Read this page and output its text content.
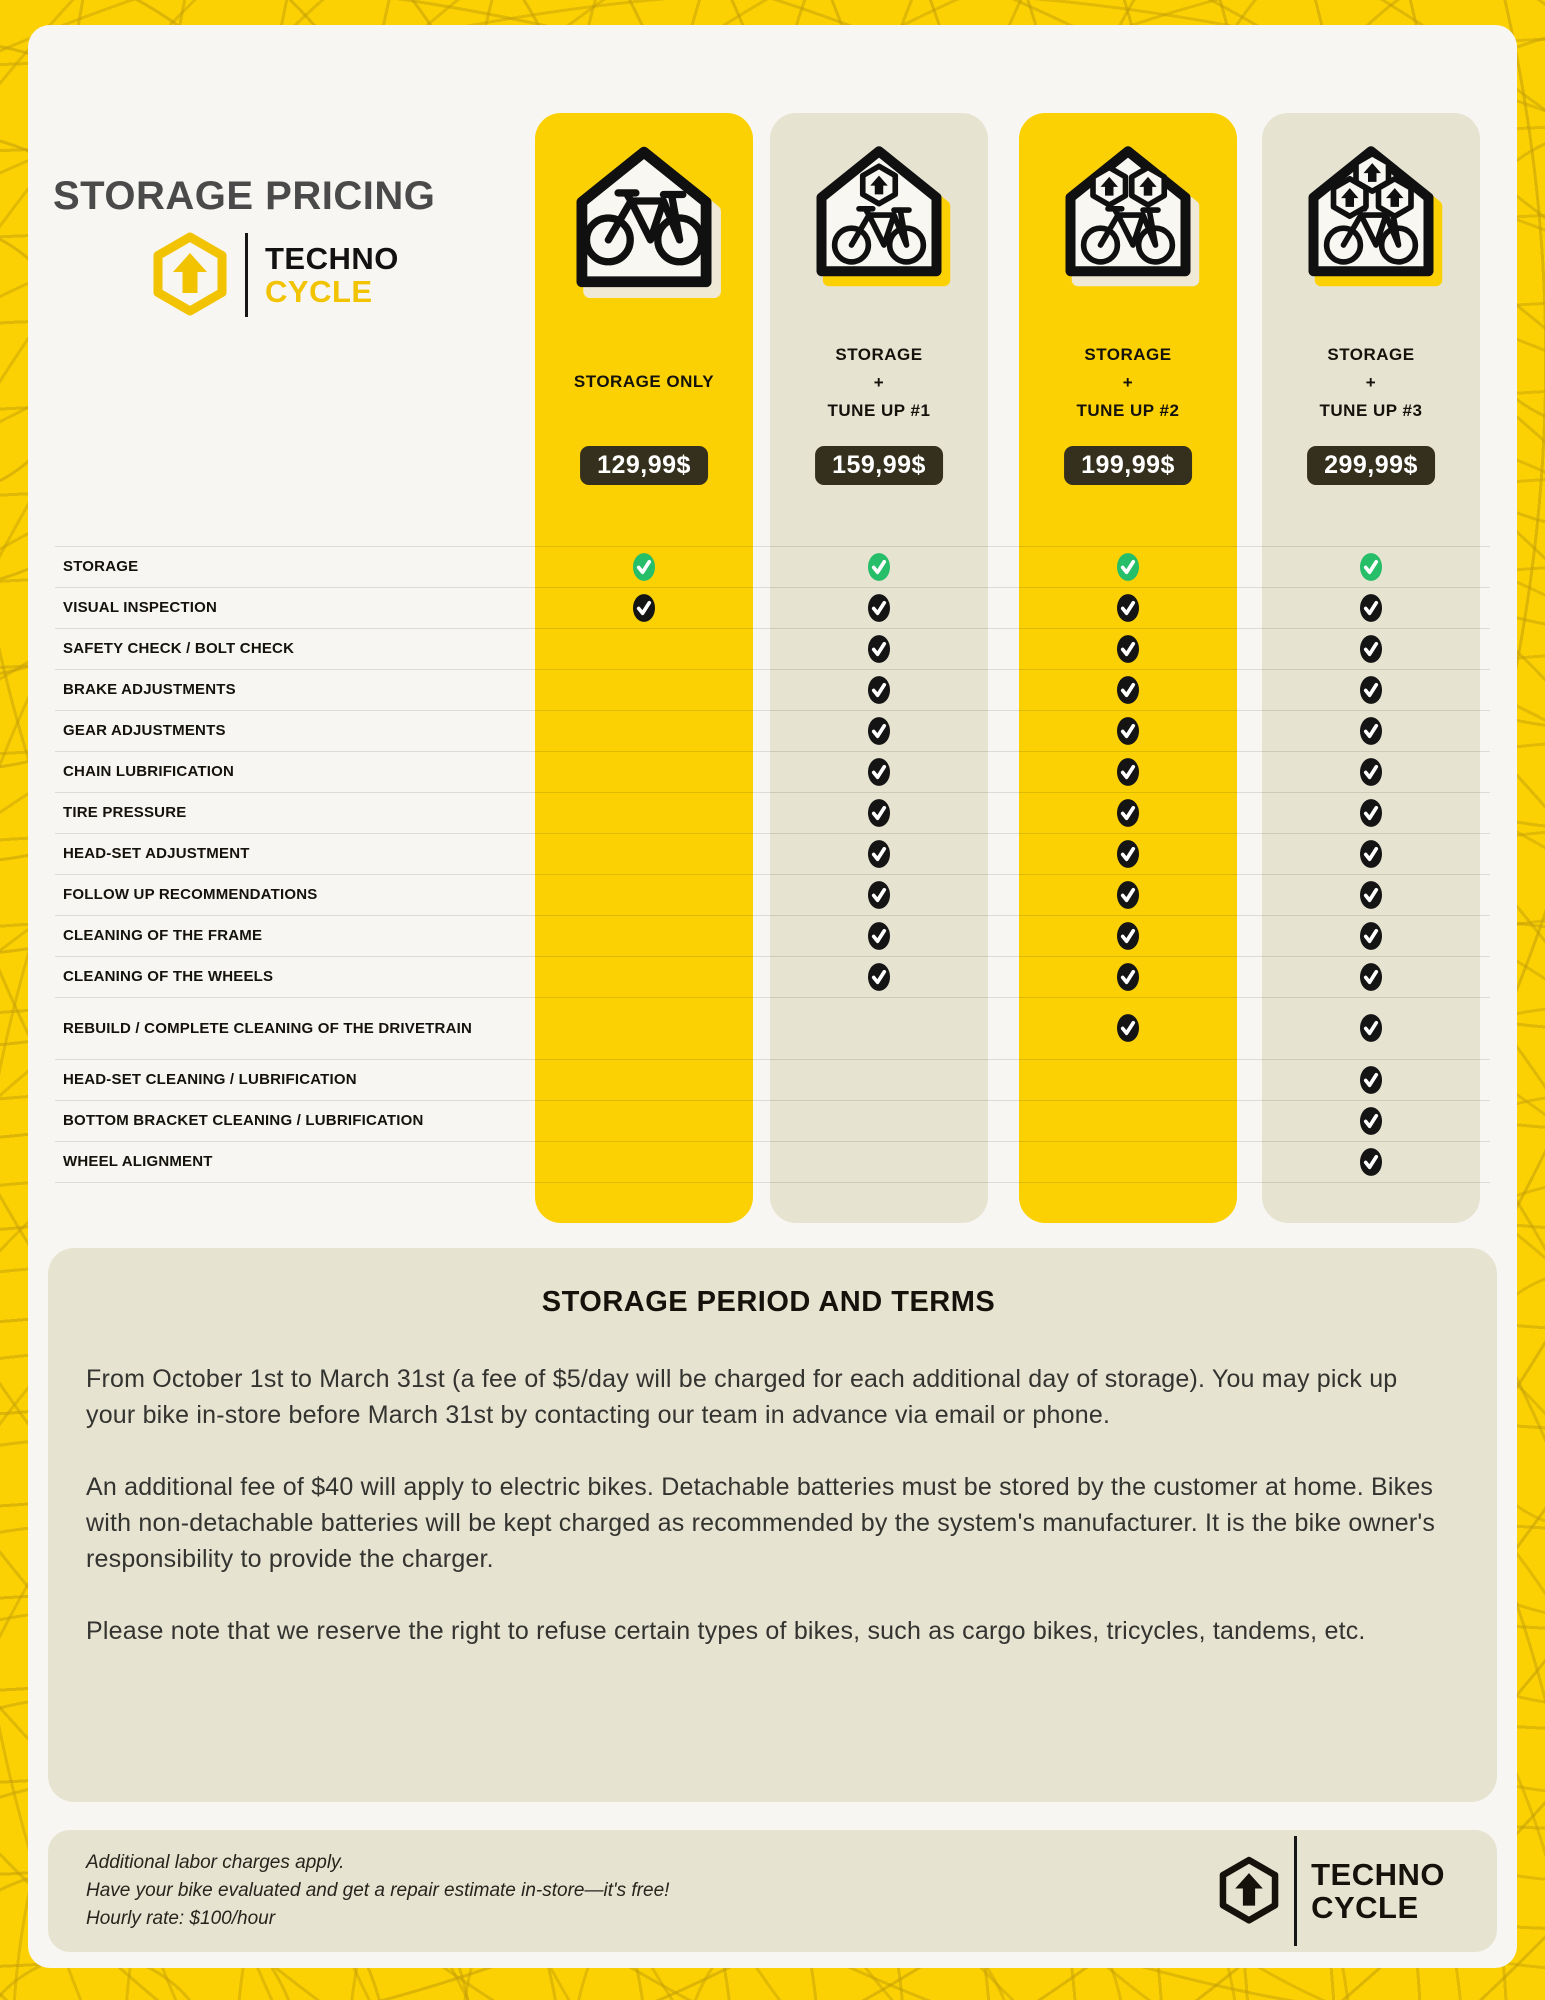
STORAGE PRICING
TECHNO
CYCLE
STORAGE ONLY
129,99$
STORAGE
+
TUNE UP #1
159,99$
STORAGE
+
TUNE UP #2
199,99$
STORAGE
+
TUNE UP #3
299,99$
STORAGE
VISUAL INSPECTION
SAFETY CHECK / BOLT CHECK
BRAKE ADJUSTMENTS
GEAR ADJUSTMENTS
CHAIN LUBRIFICATION
TIRE PRESSURE
HEAD-SET ADJUSTMENT
FOLLOW UP RECOMMENDATIONS
CLEANING OF THE FRAME
CLEANING OF THE WHEELS
REBUILD / COMPLETE CLEANING OF THE DRIVETRAIN
HEAD-SET CLEANING / LUBRIFICATION
BOTTOM BRACKET CLEANING / LUBRIFICATION
WHEEL ALIGNMENT
STORAGE PERIOD AND TERMS

From October 1st to March 31st (a fee of $5/day will be charged for each additional day of storage). You may pick up your bike in-store before March 31st by contacting our team in advance via email or phone.

An additional fee of $40 will apply to electric bikes. Detachable batteries must be stored by the customer at home. Bikes with non-detachable batteries will be kept charged as recommended by the system's manufacturer. It is the bike owner's responsibility to provide the charger.

Please note that we reserve the right to refuse certain types of bikes, such as cargo bikes, tricycles, tandems, etc.

Additional labor charges apply.

Have your bike evaluated and get a repair estimate in-store—it's free!

Hourly rate: $100/hour

TECHNO
CYCLE
